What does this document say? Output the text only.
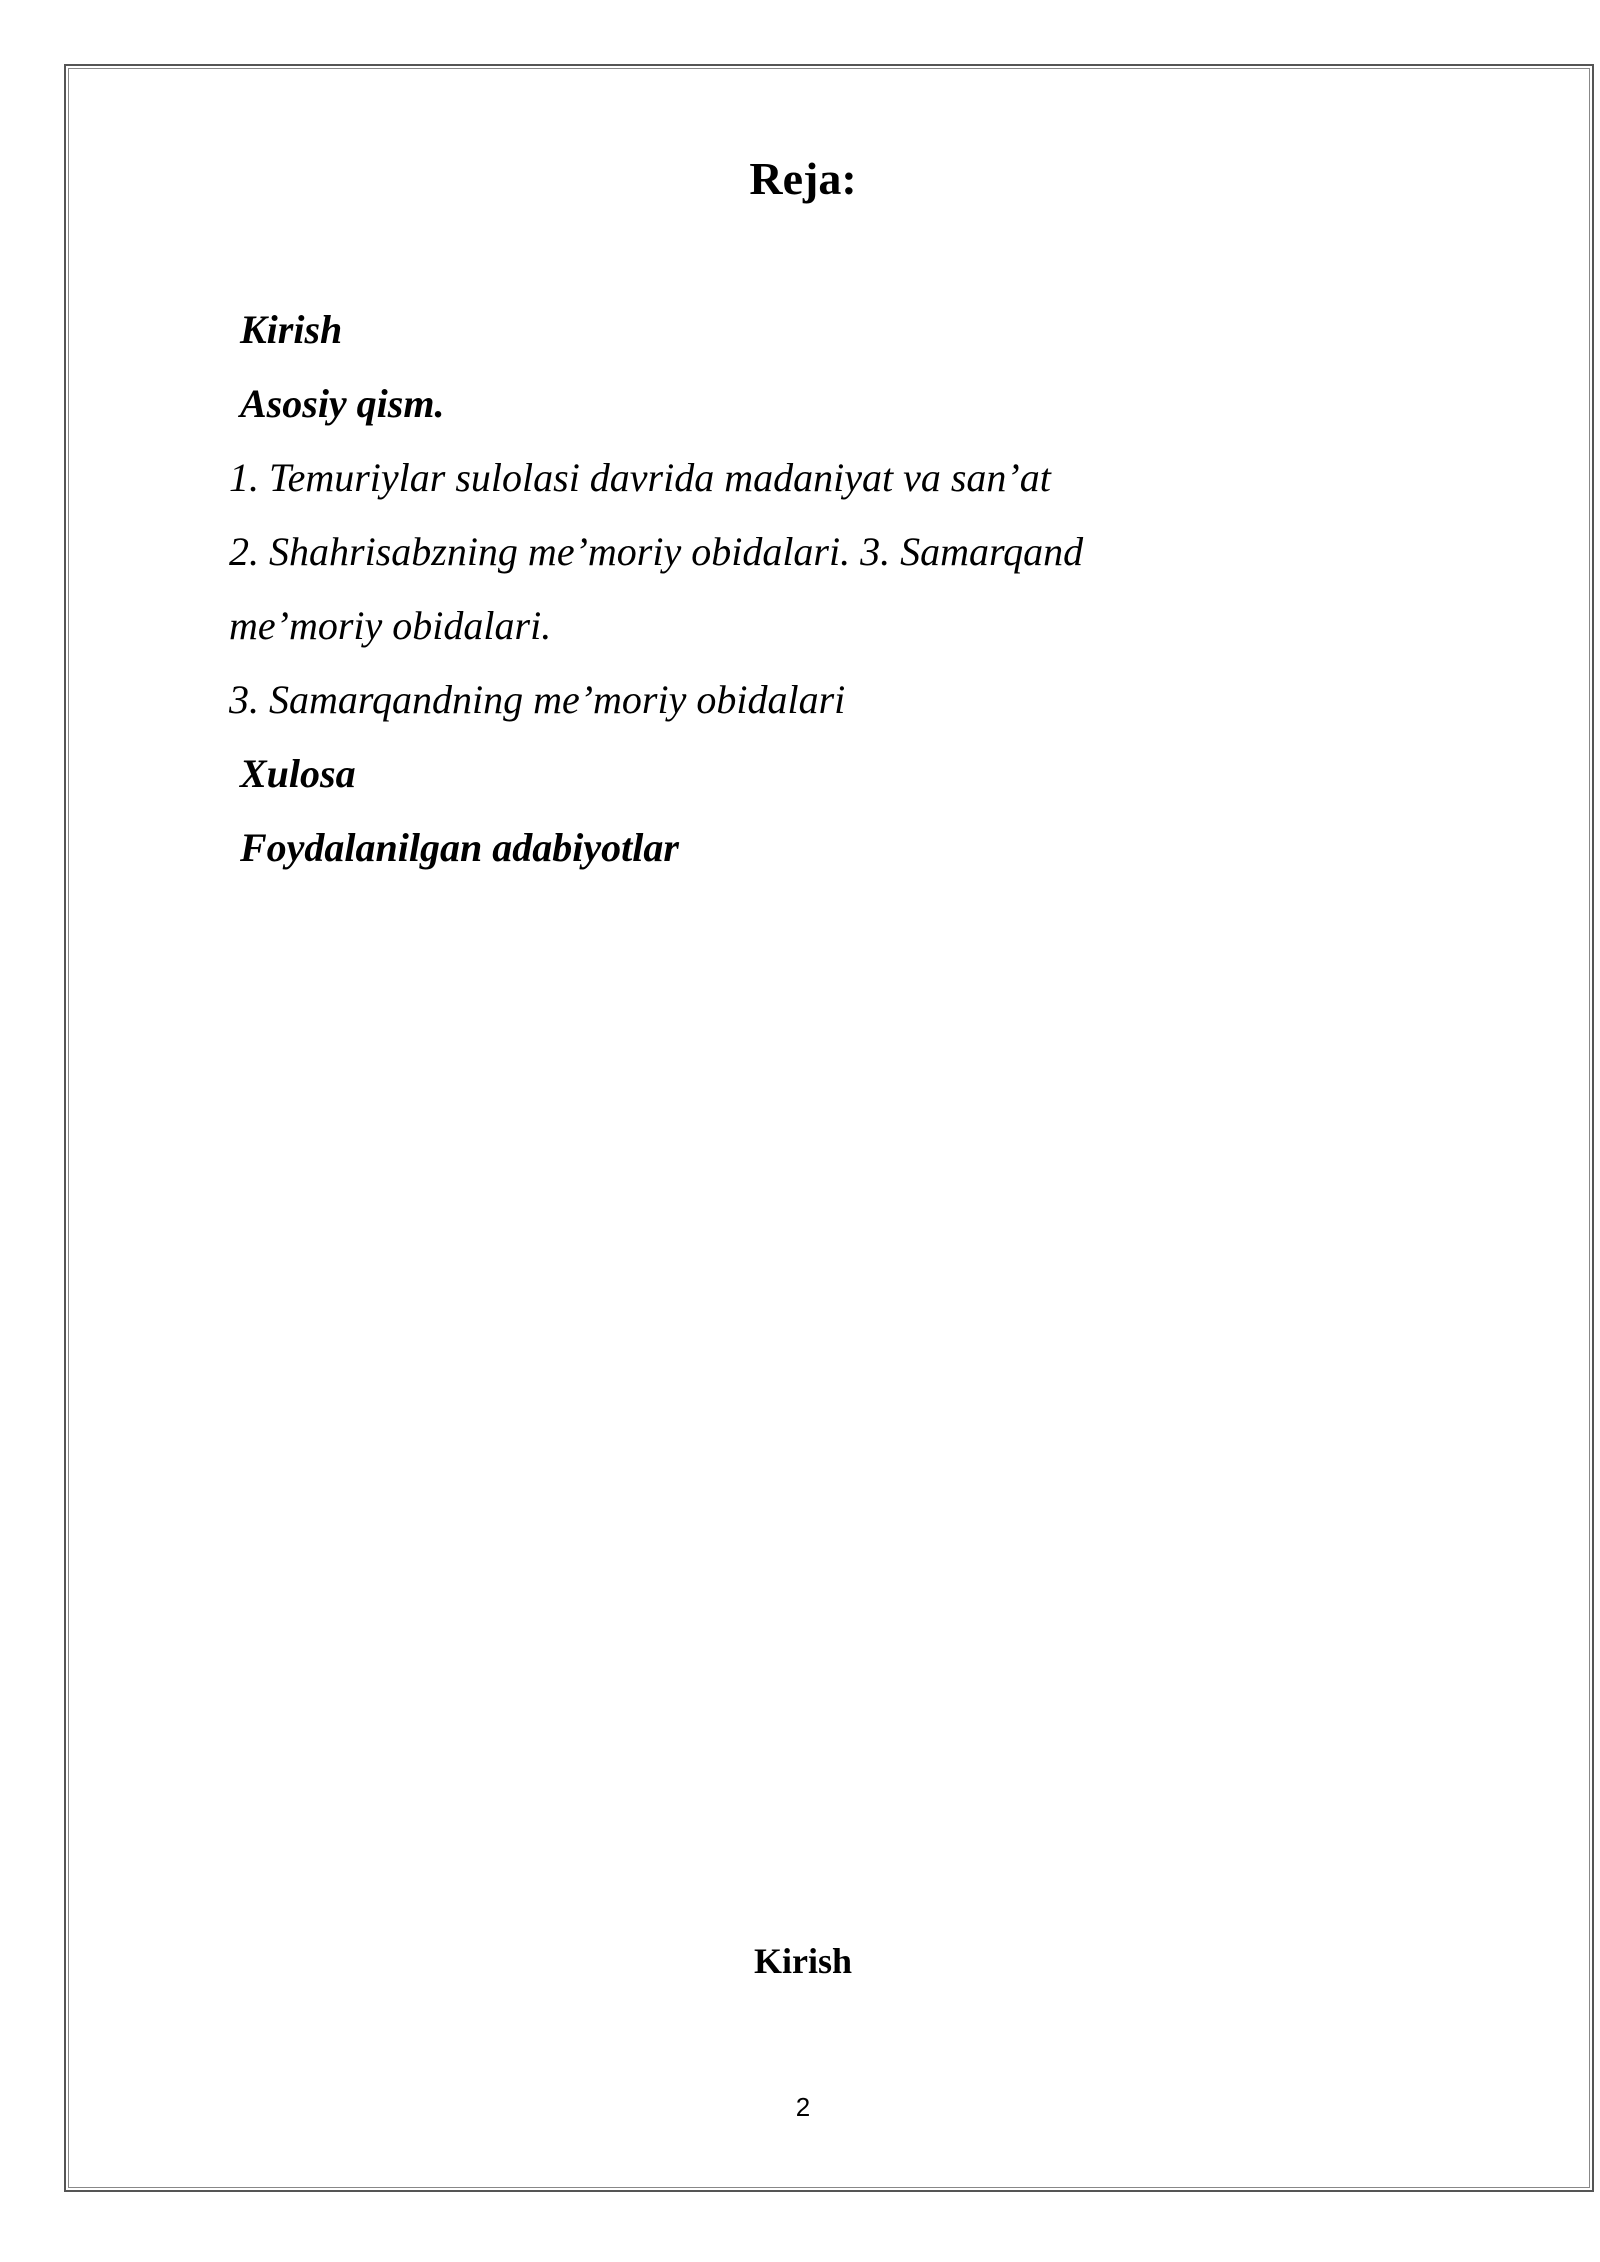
Reja:
Kirish
Asosiy qism.
1. Temuriylar sulolasi davrida madaniyat va san’at
2. Shahrisabzning me’moriy obidalari. 3. Samarqand
me’moriy obidalari.
3. Samarqandning me’moriy obidalari
Xulosa
Foydalanilgan adabiyotlar
Kirish
2
